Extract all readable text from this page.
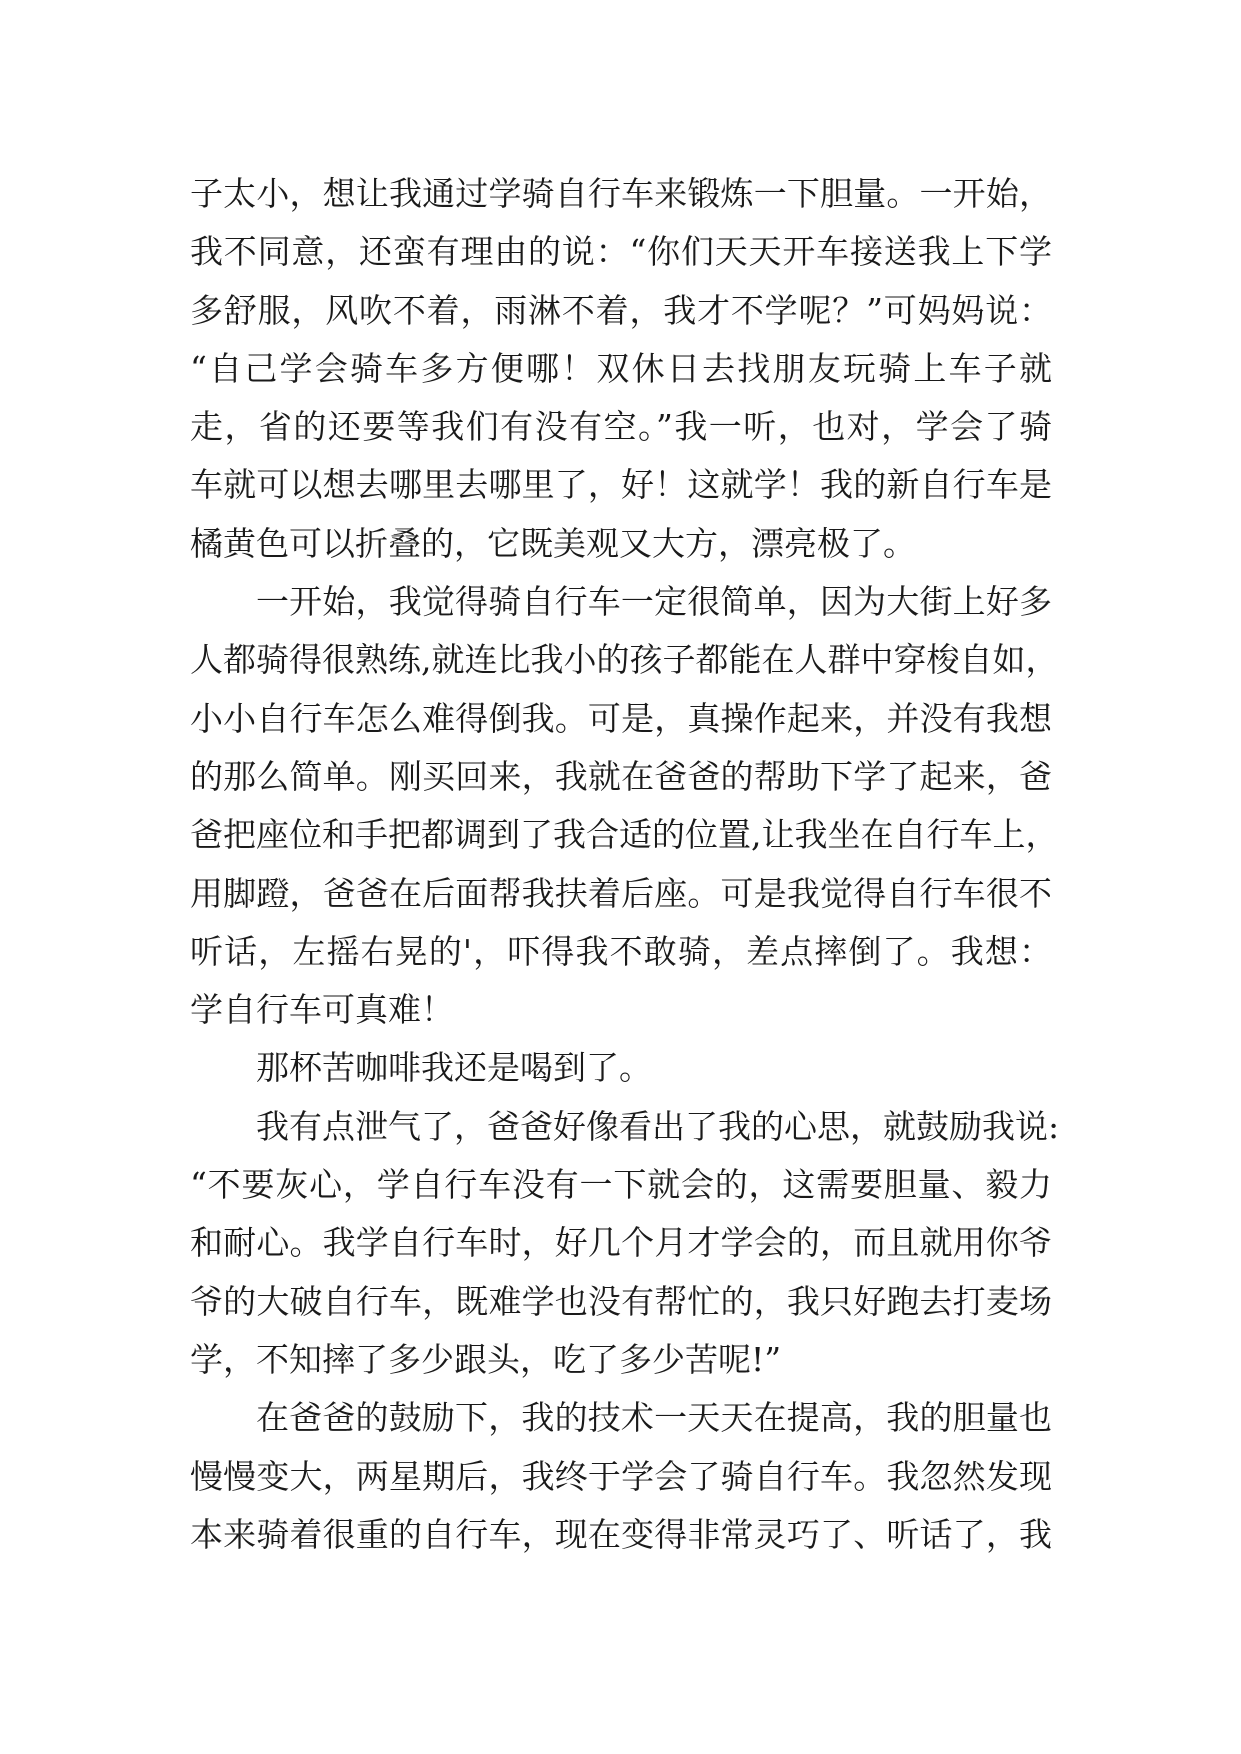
子太小，想让我通过学骑自行车来锻炼一下胆量。一开始，
我不同意，还蛮有理由的说：“你们天天开车接送我上下学
多舒服，风吹不着，雨淋不着，我才不学呢？”可妈妈说：
“自己学会骑车多方便哪！双休日去找朋友玩骑上车子就
走，省的还要等我们有没有空。”我一听，也对，学会了骑
车就可以想去哪里去哪里了，好！这就学！我的新自行车是
橘黄色可以折叠的，它既美观又大方，漂亮极了。
一开始，我觉得骑自行车一定很简单，因为大街上好多
人都骑得很熟练,就连比我小的孩子都能在人群中穿梭自如，
小小自行车怎么难得倒我。可是，真操作起来，并没有我想
的那么简单。刚买回来，我就在爸爸的帮助下学了起来，爸
爸把座位和手把都调到了我合适的位置,让我坐在自行车上，
用脚蹬，爸爸在后面帮我扶着后座。可是我觉得自行车很不
听话，左摇右晃的'，吓得我不敢骑，差点摔倒了。我想：
学自行车可真难！
那杯苦咖啡我还是喝到了。
我有点泄气了，爸爸好像看出了我的心思，就鼓励我说:
“不要灰心，学自行车没有一下就会的，这需要胆量、毅力
和耐心。我学自行车时，好几个月才学会的，而且就用你爷
爷的大破自行车，既难学也没有帮忙的，我只好跑去打麦场
学，不知摔了多少跟头，吃了多少苦呢!”
在爸爸的鼓励下，我的技术一天天在提高，我的胆量也
慢慢变大，两星期后，我终于学会了骑自行车。我忽然发现
本来骑着很重的自行车，现在变得非常灵巧了、听话了，我
